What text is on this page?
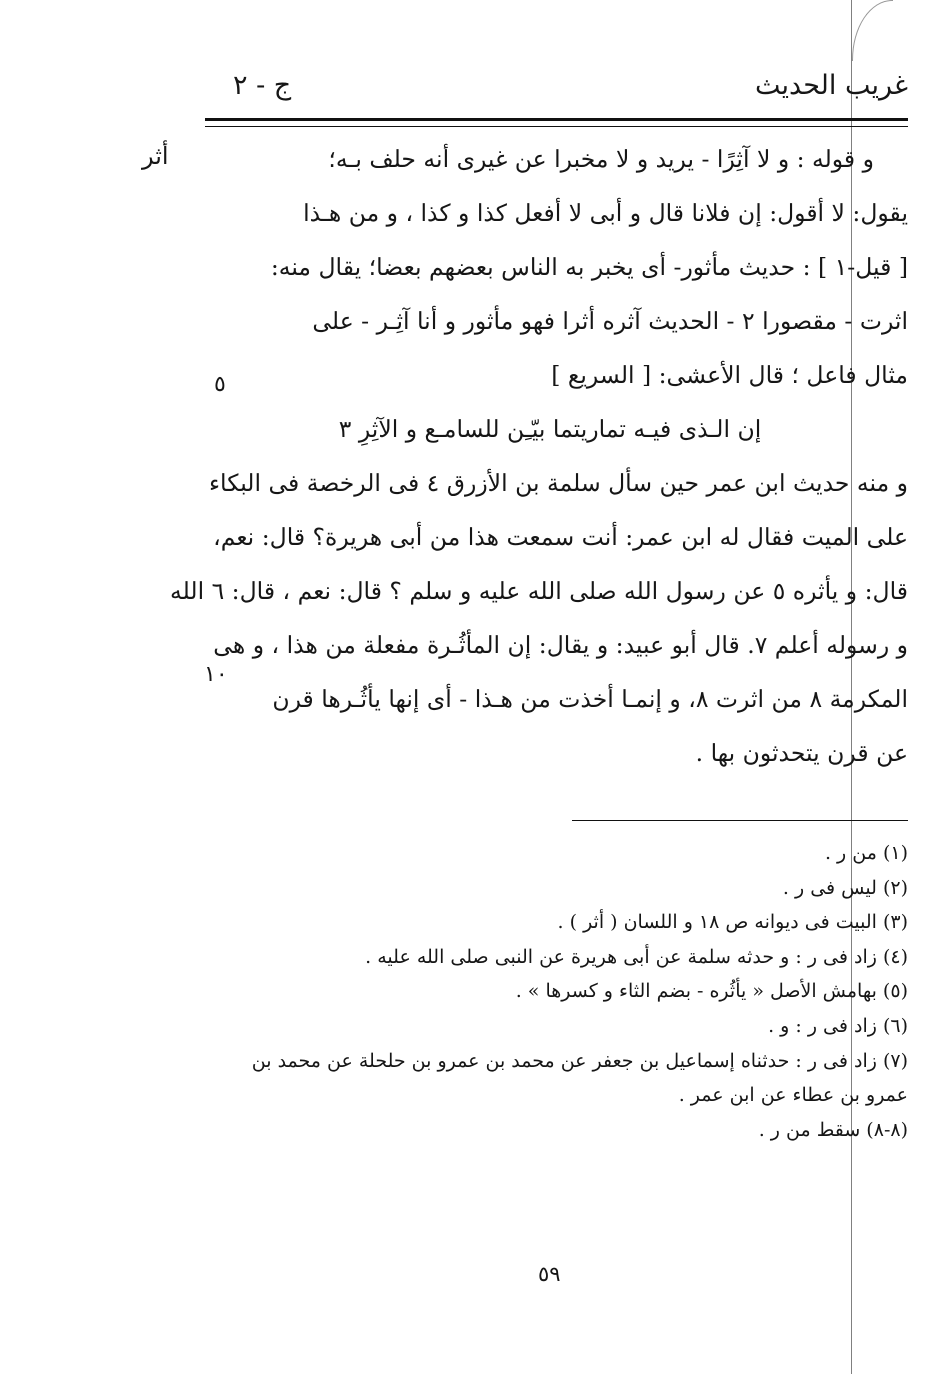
غريب الحديث
ج - ٢
أثر
٥
١٠
و قوله : و لا آثِرًا - يريد و لا مخبرا عن غيرى أنه حلف بـه؛
يقول: لا أقول: إن فلانا قال و أبى لا أفعل كذا و كذا ، و من هـذا
[ قيل-١ ] : حديث مأثور- أى يخبر به الناس بعضهم بعضا؛ يقال منه:
اثرت - مقصورا ٢ - الحديث آثره أثرا فهو مأثور و أنا آثِـر - على
مثال فاعل ؛ قال الأعشى: [ السريع ]
إن الـذى فيـه تماريتما بيّـِن للسامـع و الآثِرِ ٣
و منه حديث ابن عمر حين سأل سلمة بن الأزرق ٤ فى الرخصة فى البكاء
على الميت فقال له ابن عمر: أنت سمعت هذا من أبى هريرة؟ قال: نعم،
قال: و يأثره ٥ عن رسول الله صلى الله عليه و سلم ؟ قال: نعم ، قال: ٦ الله
و رسوله أعلم ٧. قال أبو عبيد: و يقال: إن المأثُـرة مفعلة من هذا ، و هى
المكرمة ٨ من اثرت ٨، و إنمـا أخذت من هـذا - أى إنها يأثُـرها قرن
عن قرن يتحدثون بها .
(١) من ر .
(٢) ليس فى ر .
(٣) البيت فى ديوانه ص ١٨ و اللسان ( أثر ) .
(٤) زاد فى ر : و حدثه سلمة عن أبى هريرة عن النبى صلى الله عليه .
(٥) بهامش الأصل « يأثُره - بضم الثاء و كسرها » .
(٦) زاد فى ر : و .
(٧) زاد فى ر : حدثناه إسماعيل بن جعفر عن محمد بن عمرو بن حلحلة عن محمد بن
عمرو بن عطاء عن ابن عمر .
(٨-٨) سقط من ر .
٥٩
